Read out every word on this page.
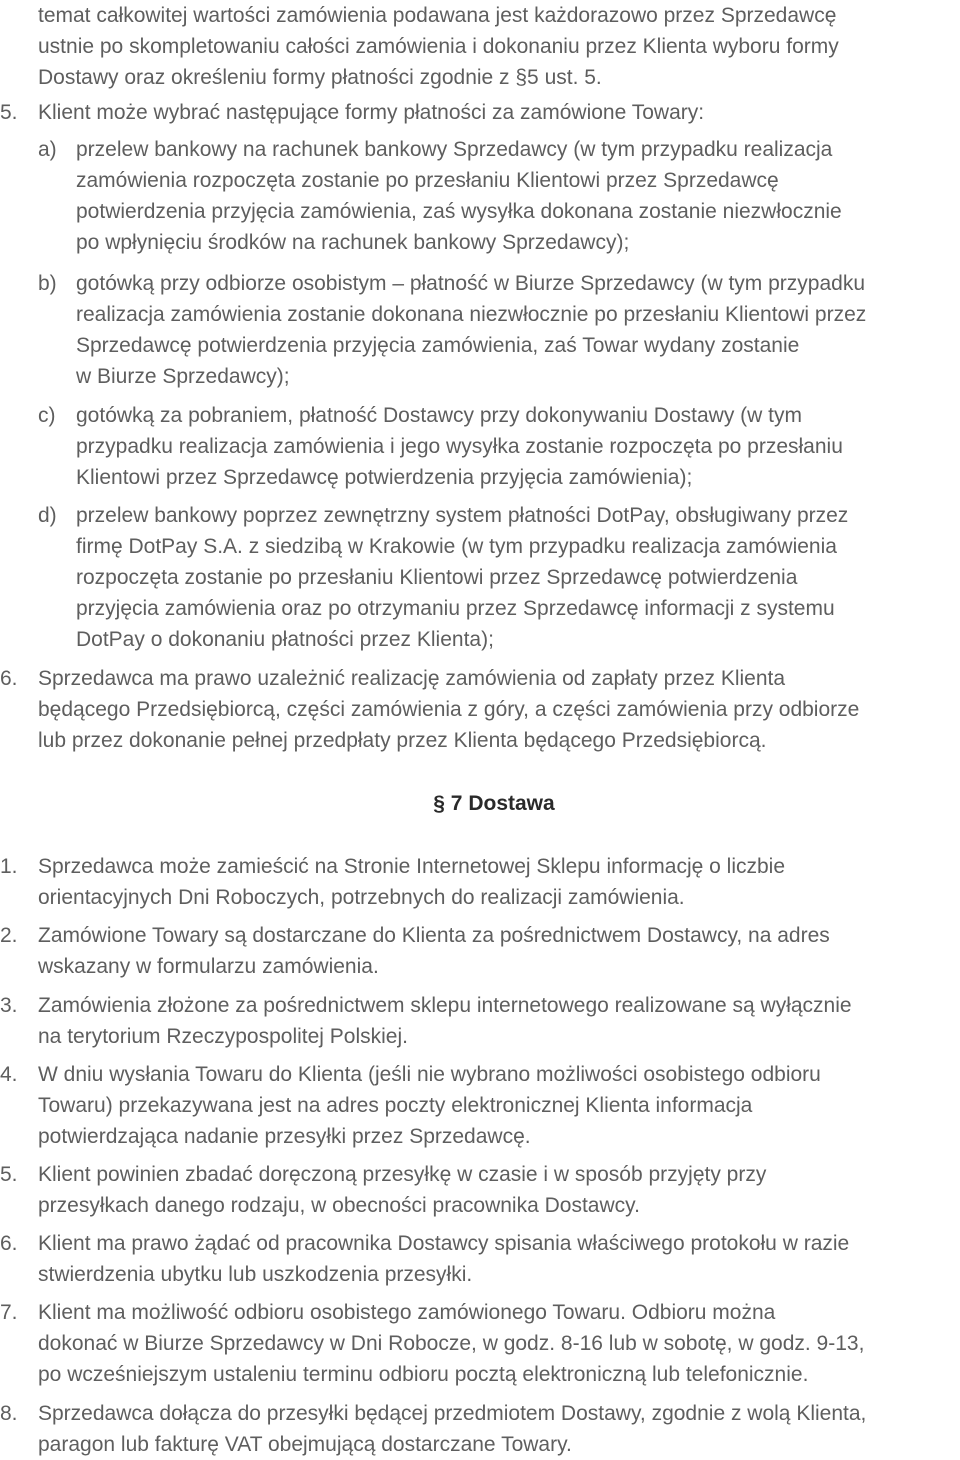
temat całkowitej wartości zamówienia podawana jest każdorazowo przez Sprzedawcę
ustnie po skompletowaniu całości zamówienia i dokonaniu przez Klienta wyboru formy
Dostawy oraz określeniu formy płatności zgodnie z §5 ust. 5.
5. Klient może wybrać następujące formy płatności za zamówione Towary:
a) przelew bankowy na rachunek bankowy Sprzedawcy (w tym przypadku realizacja
zamówienia rozpoczęta zostanie po przesłaniu Klientowi przez Sprzedawcę
potwierdzenia przyjęcia zamówienia, zaś wysyłka dokonana zostanie niezwłocznie
po wpłynięciu środków na rachunek bankowy Sprzedawcy);
b) gotówką przy odbiorze osobistym – płatność w Biurze Sprzedawcy (w tym przypadku
realizacja zamówienia zostanie dokonana niezwłocznie po przesłaniu Klientowi przez
Sprzedawcę potwierdzenia przyjęcia zamówienia, zaś Towar wydany zostanie
w Biurze Sprzedawcy);
c) gotówką za pobraniem, płatność Dostawcy przy dokonywaniu Dostawy (w tym
przypadku realizacja zamówienia i jego wysyłka zostanie rozpoczęta po przesłaniu
Klientowi przez Sprzedawcę potwierdzenia przyjęcia zamówienia);
d) przelew bankowy poprzez zewnętrzny system płatności DotPay, obsługiwany przez
firmę DotPay S.A. z siedzibą w Krakowie (w tym przypadku realizacja zamówienia
rozpoczęta zostanie po przesłaniu Klientowi przez Sprzedawcę potwierdzenia
przyjęcia zamówienia oraz po otrzymaniu przez Sprzedawcę informacji z systemu
DotPay o dokonaniu płatności przez Klienta);
6. Sprzedawca ma prawo uzależnić realizację zamówienia od zapłaty przez Klienta
będącego Przedsiębiorcą, części zamówienia z góry, a części zamówienia przy odbiorze
lub przez dokonanie pełnej przedpłaty przez Klienta będącego Przedsiębiorcą.
§ 7 Dostawa
1. Sprzedawca może zamieścić na Stronie Internetowej Sklepu informację o liczbie
orientacyjnych Dni Roboczych, potrzebnych do realizacji zamówienia.
2. Zamówione Towary są dostarczane do Klienta za pośrednictwem Dostawcy, na adres
wskazany w formularzu zamówienia.
3. Zamówienia złożone za pośrednictwem sklepu internetowego realizowane są wyłącznie
na terytorium Rzeczypospolitej Polskiej.
4. W dniu wysłania Towaru do Klienta (jeśli nie wybrano możliwości osobistego odbioru
Towaru) przekazywana jest na adres poczty elektronicznej Klienta informacja
potwierdzająca nadanie przesyłki przez Sprzedawcę.
5. Klient powinien zbadać doręczoną przesyłkę w czasie i w sposób przyjęty przy
przesyłkach danego rodzaju, w obecności pracownika Dostawcy.
6. Klient ma prawo żądać od pracownika Dostawcy spisania właściwego protokołu w razie
stwierdzenia ubytku lub uszkodzenia przesyłki.
7. Klient ma możliwość odbioru osobistego zamówionego Towaru. Odbioru można
dokonać w Biurze Sprzedawcy w Dni Robocze, w godz. 8-16 lub w sobotę, w godz. 9-13,
po wcześniejszym ustaleniu terminu odbioru pocztą elektroniczną lub telefonicznie.
8. Sprzedawca dołącza do przesyłki będącej przedmiotem Dostawy, zgodnie z wolą Klienta,
paragon lub fakturę VAT obejmującą dostarczane Towary.
